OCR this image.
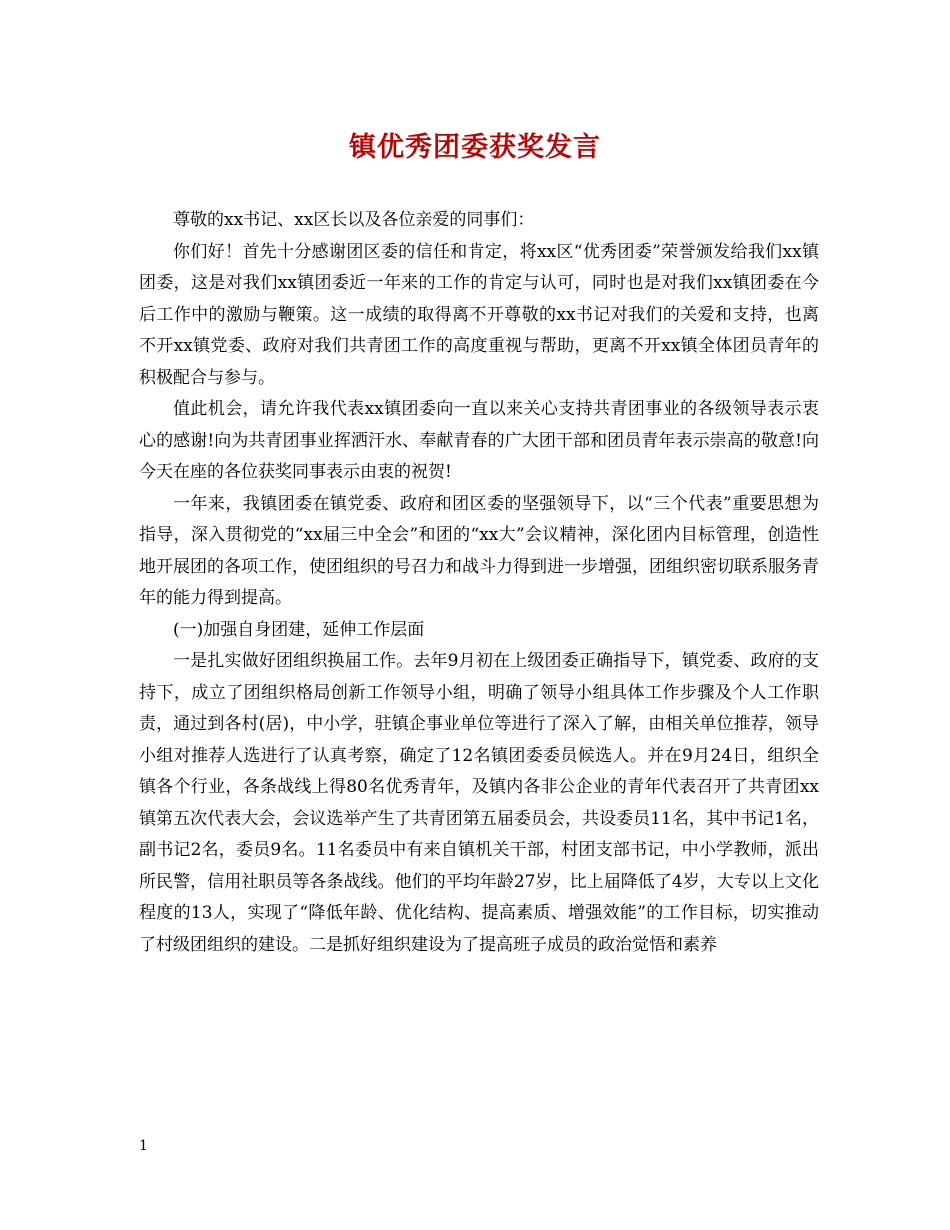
镇优秀团委获奖发言

尊敬的xx书记、xx区长以及各位亲爱的同事们：

你们好！首先十分感谢团区委的信任和肯定，将xx区“优秀团委”荣誉颁发给我们xx镇团委，这是对我们xx镇团委近一年来的工作的肯定与认可，同时也是对我们xx镇团委在今后工作中的激励与鞭策。这一成绩的取得离不开尊敬的xx书记对我们的关爱和支持，也离不开xx镇党委、政府对我们共青团工作的高度重视与帮助，更离不开xx镇全体团员青年的积极配合与参与。

值此机会，请允许我代表xx镇团委向一直以来关心支持共青团事业的各级领导表示衷心的感谢!向为共青团事业挥洒汗水、奉献青春的广大团干部和团员青年表示崇高的敬意!向今天在座的各位获奖同事表示由衷的祝贺!

一年来，我镇团委在镇党委、政府和团区委的坚强领导下，以“三个代表”重要思想为指导，深入贯彻党的“xx届三中全会”和团的“xx大”会议精神，深化团内目标管理，创造性地开展团的各项工作，使团组织的号召力和战斗力得到进一步增强，团组织密切联系服务青年的能力得到提高。

(一)加强自身团建，延伸工作层面

一是扎实做好团组织换届工作。去年9月初在上级团委正确指导下，镇党委、政府的支持下，成立了团组织格局创新工作领导小组，明确了领导小组具体工作步骤及个人工作职责，通过到各村(居)，中小学，驻镇企事业单位等进行了深入了解，由相关单位推荐，领导小组对推荐人选进行了认真考察，确定了12名镇团委委员候选人。并在9月24日，组织全镇各个行业，各条战线上得80名优秀青年，及镇内各非公企业的青年代表召开了共青团xx镇第五次代表大会，会议选举产生了共青团第五届委员会，共设委员11名，其中书记1名，副书记2名，委员9名。11名委员中有来自镇机关干部，村团支部书记，中小学教师，派出所民警，信用社职员等各条战线。他们的平均年龄27岁，比上届降低了4岁，大专以上文化程度的13人，实现了“降低年龄、优化结构、提高素质、增强效能”的工作目标，切实推动了村级团组织的建设。二是抓好组织建设为了提高班子成员的政治觉悟和素养

1
